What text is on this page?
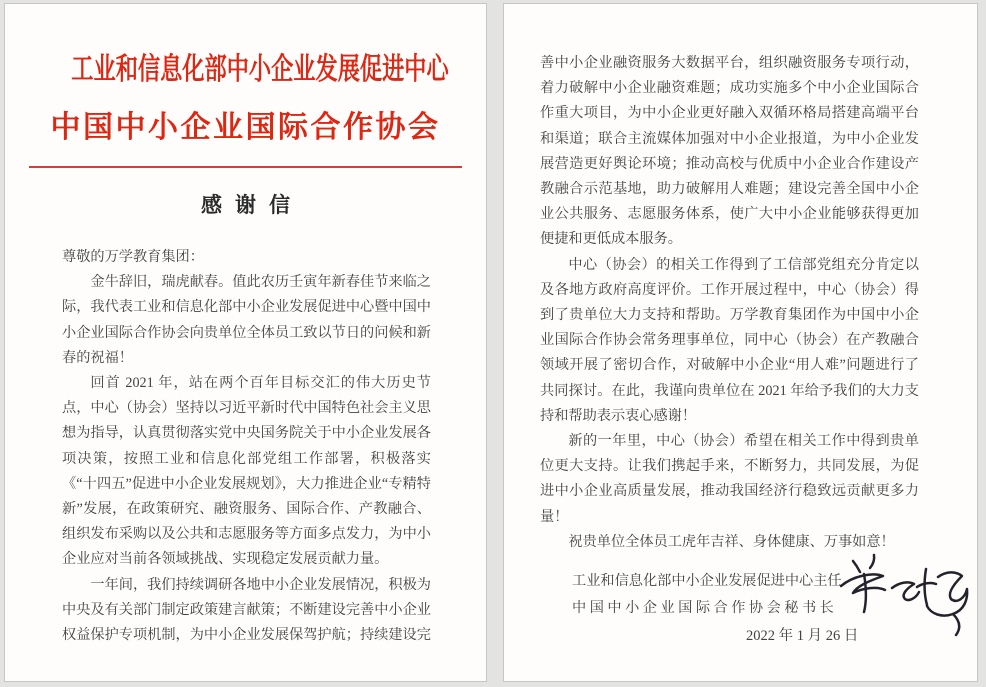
工业和信息化部中小企业发展促进中心
中国中小企业国际合作协会
感谢信

尊敬的万学教育集团：

金牛辞旧，瑞虎献春。值此农历壬寅年新春佳节来临之际，我代表工业和信息化部中小企业发展促进中心暨中国中小企业国际合作协会向贵单位全体员工致以节日的问候和新春的祝福！

回首 2021 年，站在两个百年目标交汇的伟大历史节点，中心（协会）坚持以习近平新时代中国特色社会主义思想为指导，认真贯彻落实党中央国务院关于中小企业发展各项决策，按照工业和信息化部党组工作部署，积极落实《“十四五”促进中小企业发展规划》，大力推进企业“专精特新”发展，在政策研究、融资服务、国际合作、产教融合、组织发布采购以及公共和志愿服务等方面多点发力，为中小企业应对当前各领域挑战、实现稳定发展贡献力量。

一年间，我们持续调研各地中小企业发展情况，积极为中央及有关部门制定政策建言献策；不断建设完善中小企业权益保护专项机制，为中小企业发展保驾护航；持续建设完

善中小企业融资服务大数据平台，组织融资服务专项行动，着力破解中小企业融资难题；成功实施多个中小企业国际合作重大项目，为中小企业更好融入双循环格局搭建高端平台和渠道；联合主流媒体加强对中小企业报道，为中小企业发展营造更好舆论环境；推动高校与优质中小企业合作建设产教融合示范基地，助力破解用人难题；建设完善全国中小企业公共服务、志愿服务体系，使广大中小企业能够获得更加便捷和更低成本服务。

中心（协会）的相关工作得到了工信部党组充分肯定以及各地方政府高度评价。工作开展过程中，中心（协会）得到了贵单位大力支持和帮助。万学教育集团作为中国中小企业国际合作协会常务理事单位，同中心（协会）在产教融合领域开展了密切合作，对破解中小企业“用人难”问题进行了共同探讨。在此，我谨向贵单位在 2021 年给予我们的大力支持和帮助表示衷心感谢！

新的一年里，中心（协会）希望在相关工作中得到贵单位更大支持。让我们携起手来，不断努力，共同发展，为促进中小企业高质量发展，推动我国经济行稳致远贡献更多力量！

祝贵单位全体员工虎年吉祥、身体健康、万事如意！

工业和信息化部中小企业发展促进中心主任
中国中小企业国际合作协会秘书长
2022 年 1 月 26 日
